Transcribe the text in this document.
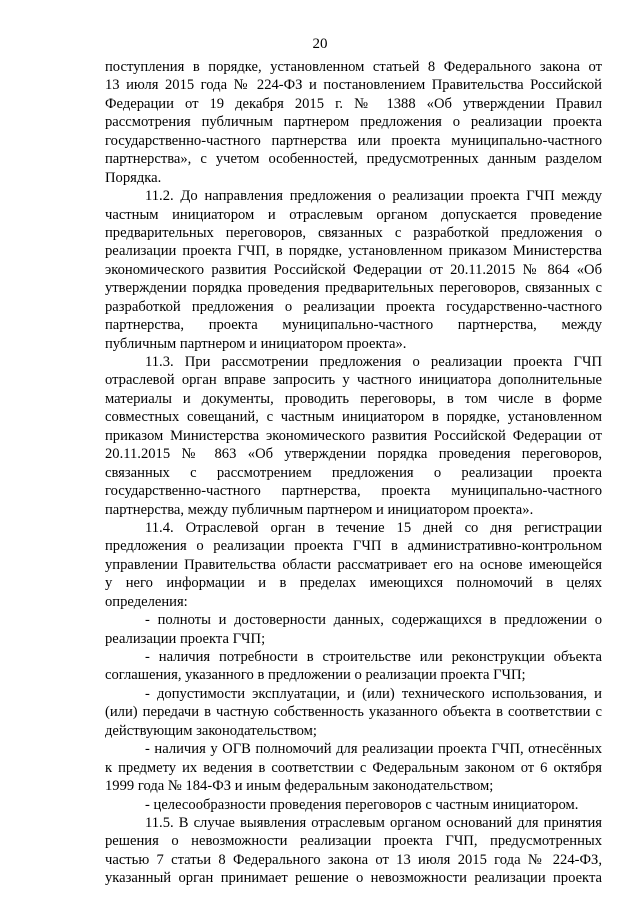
20
поступления в порядке, установленном статьей 8 Федерального закона от
13 июля 2015 года № 224-ФЗ и постановлением Правительства Российской
Федерации от 19 декабря 2015 г. № 1388 «Об утверждении Правил
рассмотрения публичным партнером предложения о реализации проекта
государственно-частного партнерства или проекта муниципально-частного
партнерства», с учетом особенностей, предусмотренных данным разделом
Порядка.
11.2. До направления предложения о реализации проекта ГЧП между
частным инициатором и отраслевым органом допускается проведение
предварительных переговоров, связанных с разработкой предложения о
реализации проекта ГЧП, в порядке, установленном приказом Министерства
экономического развития Российской Федерации от 20.11.2015 № 864 «Об
утверждении порядка проведения предварительных переговоров, связанных с
разработкой предложения о реализации проекта государственно-частного
партнерства, проекта муниципально-частного партнерства, между
публичным партнером и инициатором проекта».
11.3. При рассмотрении предложения о реализации проекта ГЧП
отраслевой орган вправе запросить у частного инициатора дополнительные
материалы и документы, проводить переговоры, в том числе в форме
совместных совещаний, с частным инициатором в порядке, установленном
приказом Министерства экономического развития Российской Федерации от
20.11.2015 № 863 «Об утверждении порядка проведения переговоров,
связанных с рассмотрением предложения о реализации проекта
государственно-частного партнерства, проекта муниципально-частного
партнерства, между публичным партнером и инициатором проекта».
11.4. Отраслевой орган в течение 15 дней со дня регистрации
предложения о реализации проекта ГЧП в административно-контрольном
управлении Правительства области рассматривает его на основе имеющейся
у него информации и в пределах имеющихся полномочий в целях
определения:
- полноты и достоверности данных, содержащихся в предложении о
реализации проекта ГЧП;
- наличия потребности в строительстве или реконструкции объекта
соглашения, указанного в предложении о реализации проекта ГЧП;
- допустимости эксплуатации, и (или) технического использования, и
(или) передачи в частную собственность указанного объекта в соответствии с
действующим законодательством;
- наличия у ОГВ полномочий для реализации проекта ГЧП, отнесённых
к предмету их ведения в соответствии с Федеральным законом от 6 октября
1999 года № 184-ФЗ и иным федеральным законодательством;
- целесообразности проведения переговоров с частным инициатором.
11.5. В случае выявления отраслевым органом оснований для принятия
решения о невозможности реализации проекта ГЧП, предусмотренных
частью 7 статьи 8 Федерального закона от 13 июля 2015 года № 224-ФЗ,
указанный орган принимает решение о невозможности реализации проекта
